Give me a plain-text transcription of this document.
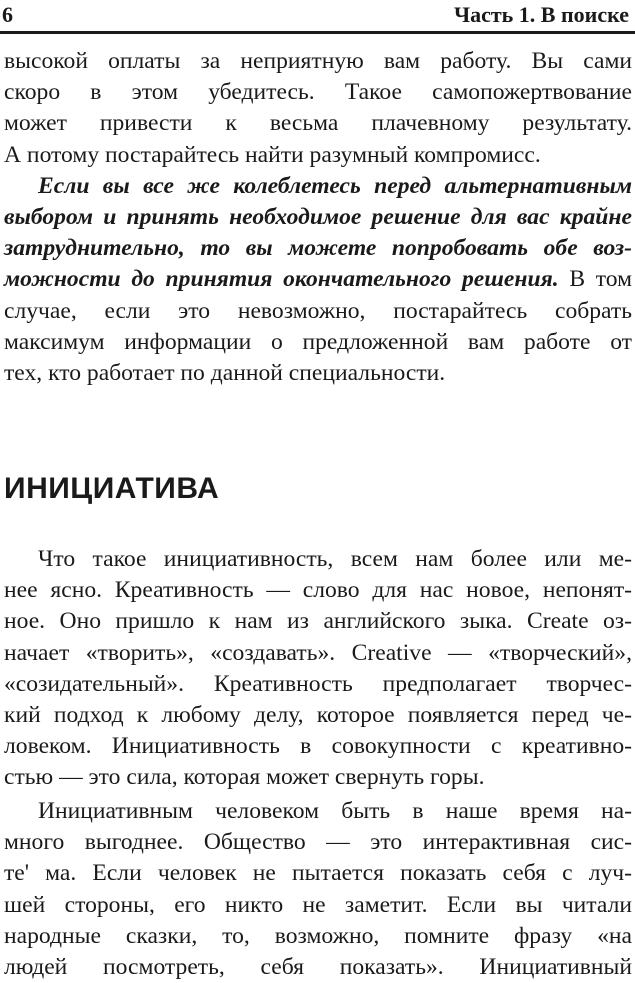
6	Часть 1. В поиске
высокой оплаты за неприятную вам работу. Вы сами
скоро в этом убедитесь. Такое самопожертвование
может привести к весьма плачевному результату.
А потому постарайтесь найти разумный компромисс.
Если вы все же колеблетесь перед альтернативным
выбором и принять необходимое решение для вас крайне
затруднительно, то вы можете попробовать обе воз-
можности до принятия окончательного решения. В том
случае, если это невозможно, постарайтесь собрать
максимум информации о предложенной вам работе от
тех, кто работает по данной специальности.
ИНИЦИАТИВА
Что такое инициативность, всем нам более или ме-
нее ясно. Креативность — слово для нас новое, непонят-
ное. Оно пришло к нам из английского зыка. Create оз-
начает «творить», «создавать». Creative — «творческий»,
«созидательный». Креативность предполагает творчес-
кий подход к любому делу, которое появляется перед че-
ловеком. Инициативность в совокупности с креативно-
стью — это сила, которая может свернуть горы.
Инициативным человеком быть в наше время на-
много выгоднее. Общество — это интерактивная сис-
те' ма. Если человек не пытается показать себя с луч-
шей стороны, его никто не заметит. Если вы читали
народные сказки, то, возможно, помните фразу «на
людей посмотреть, себя показать». Инициативный
